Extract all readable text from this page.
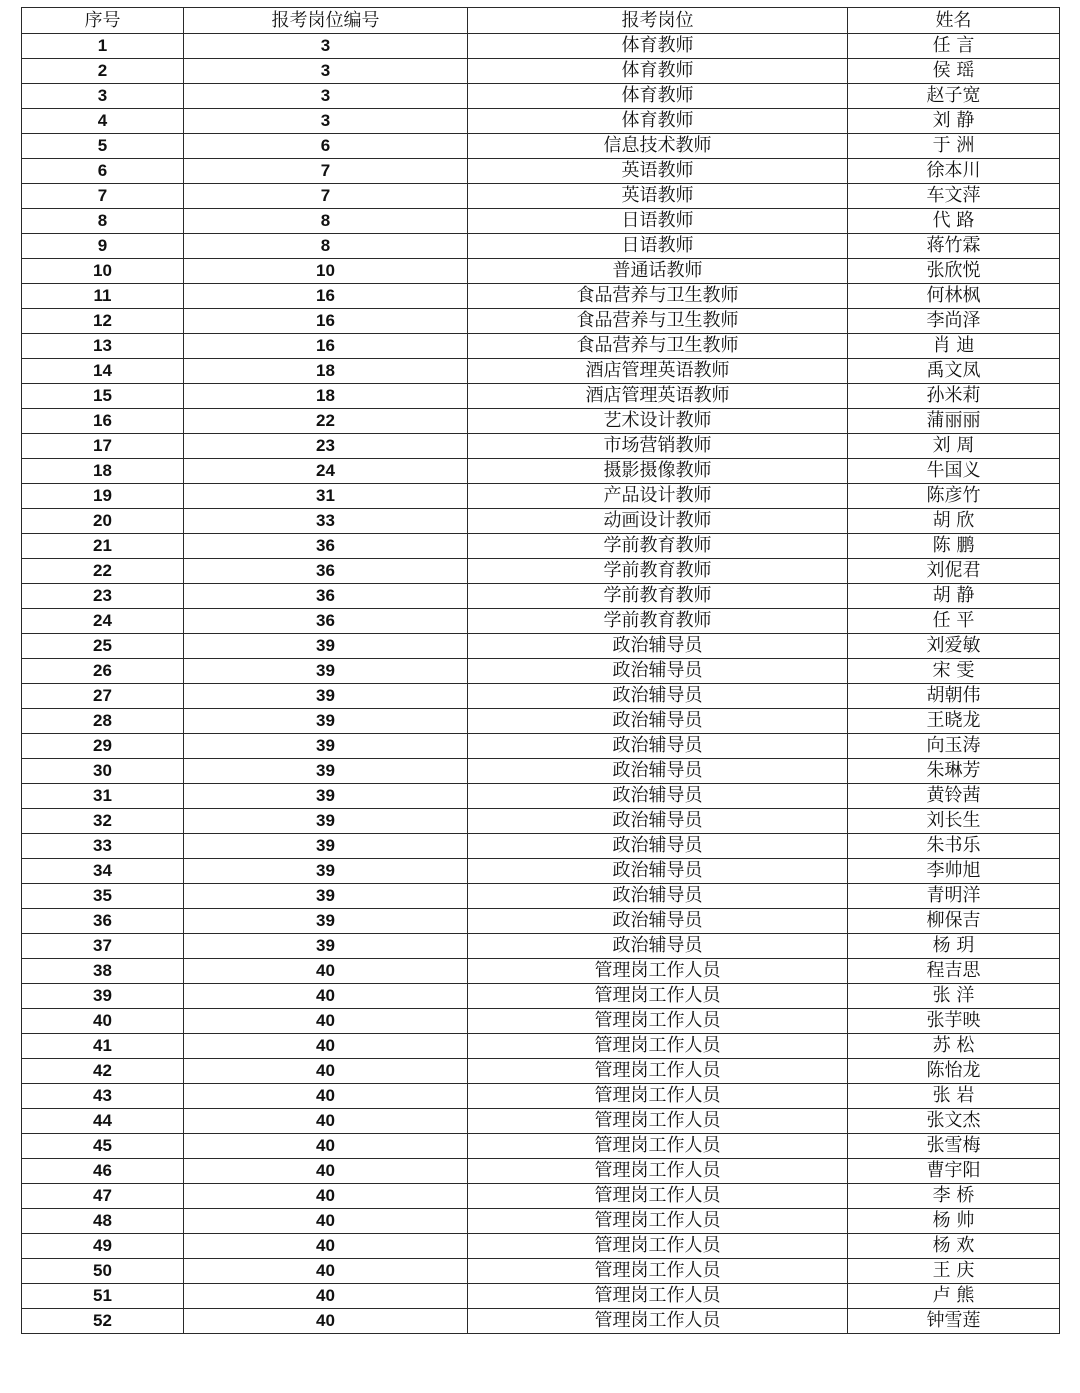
序号	报考岗位编号	报考岗位	姓名
1	3	体育教师	任 言
2	3	体育教师	侯 瑶
3	3	体育教师	赵子宽
4	3	体育教师	刘 静
5	6	信息技术教师	于 洲
6	7	英语教师	徐本川
7	7	英语教师	车文萍
8	8	日语教师	代 路
9	8	日语教师	蒋竹霖
10	10	普通话教师	张欣悦
11	16	食品营养与卫生教师	何林枫
12	16	食品营养与卫生教师	李尚泽
13	16	食品营养与卫生教师	肖 迪
14	18	酒店管理英语教师	禹文凤
15	18	酒店管理英语教师	孙米莉
16	22	艺术设计教师	蒲丽丽
17	23	市场营销教师	刘 周
18	24	摄影摄像教师	牛国义
19	31	产品设计教师	陈彦竹
20	33	动画设计教师	胡 欣
21	36	学前教育教师	陈 鹏
22	36	学前教育教师	刘伲君
23	36	学前教育教师	胡 静
24	36	学前教育教师	任 平
25	39	政治辅导员	刘爱敏
26	39	政治辅导员	宋 雯
27	39	政治辅导员	胡朝伟
28	39	政治辅导员	王晓龙
29	39	政治辅导员	向玉涛
30	39	政治辅导员	朱琳芳
31	39	政治辅导员	黄铃茜
32	39	政治辅导员	刘长生
33	39	政治辅导员	朱书乐
34	39	政治辅导员	李帅旭
35	39	政治辅导员	青明洋
36	39	政治辅导员	柳保吉
37	39	政治辅导员	杨 玥
38	40	管理岗工作人员	程吉思
39	40	管理岗工作人员	张 洋
40	40	管理岗工作人员	张芋映
41	40	管理岗工作人员	苏 松
42	40	管理岗工作人员	陈怡龙
43	40	管理岗工作人员	张 岩
44	40	管理岗工作人员	张文杰
45	40	管理岗工作人员	张雪梅
46	40	管理岗工作人员	曹宇阳
47	40	管理岗工作人员	李 桥
48	40	管理岗工作人员	杨 帅
49	40	管理岗工作人员	杨 欢
50	40	管理岗工作人员	王 庆
51	40	管理岗工作人员	卢 熊
52	40	管理岗工作人员	钟雪莲
